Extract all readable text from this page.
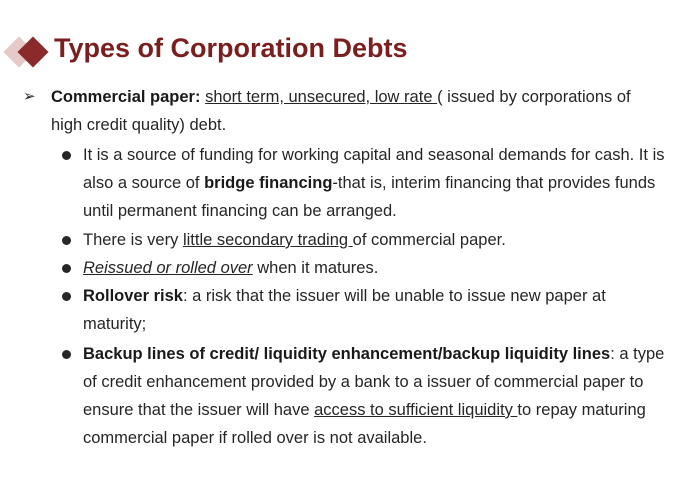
Types of Corporation Debts
➢ Commercial paper: short term, unsecured, low rate ( issued by corporations of high credit quality) debt.
It is a source of funding for working capital and seasonal demands for cash. It is also a source of bridge financing-that is, interim financing that provides funds until permanent financing can be arranged.
There is very little secondary trading of commercial paper.
Reissued or rolled over when it matures.
Rollover risk: a risk that the issuer will be unable to issue new paper at maturity;
Backup lines of credit/ liquidity enhancement/backup liquidity lines: a type of credit enhancement provided by a bank to a issuer of commercial paper to ensure that the issuer will have access to sufficient liquidity to repay maturing commercial paper if rolled over is not available.
